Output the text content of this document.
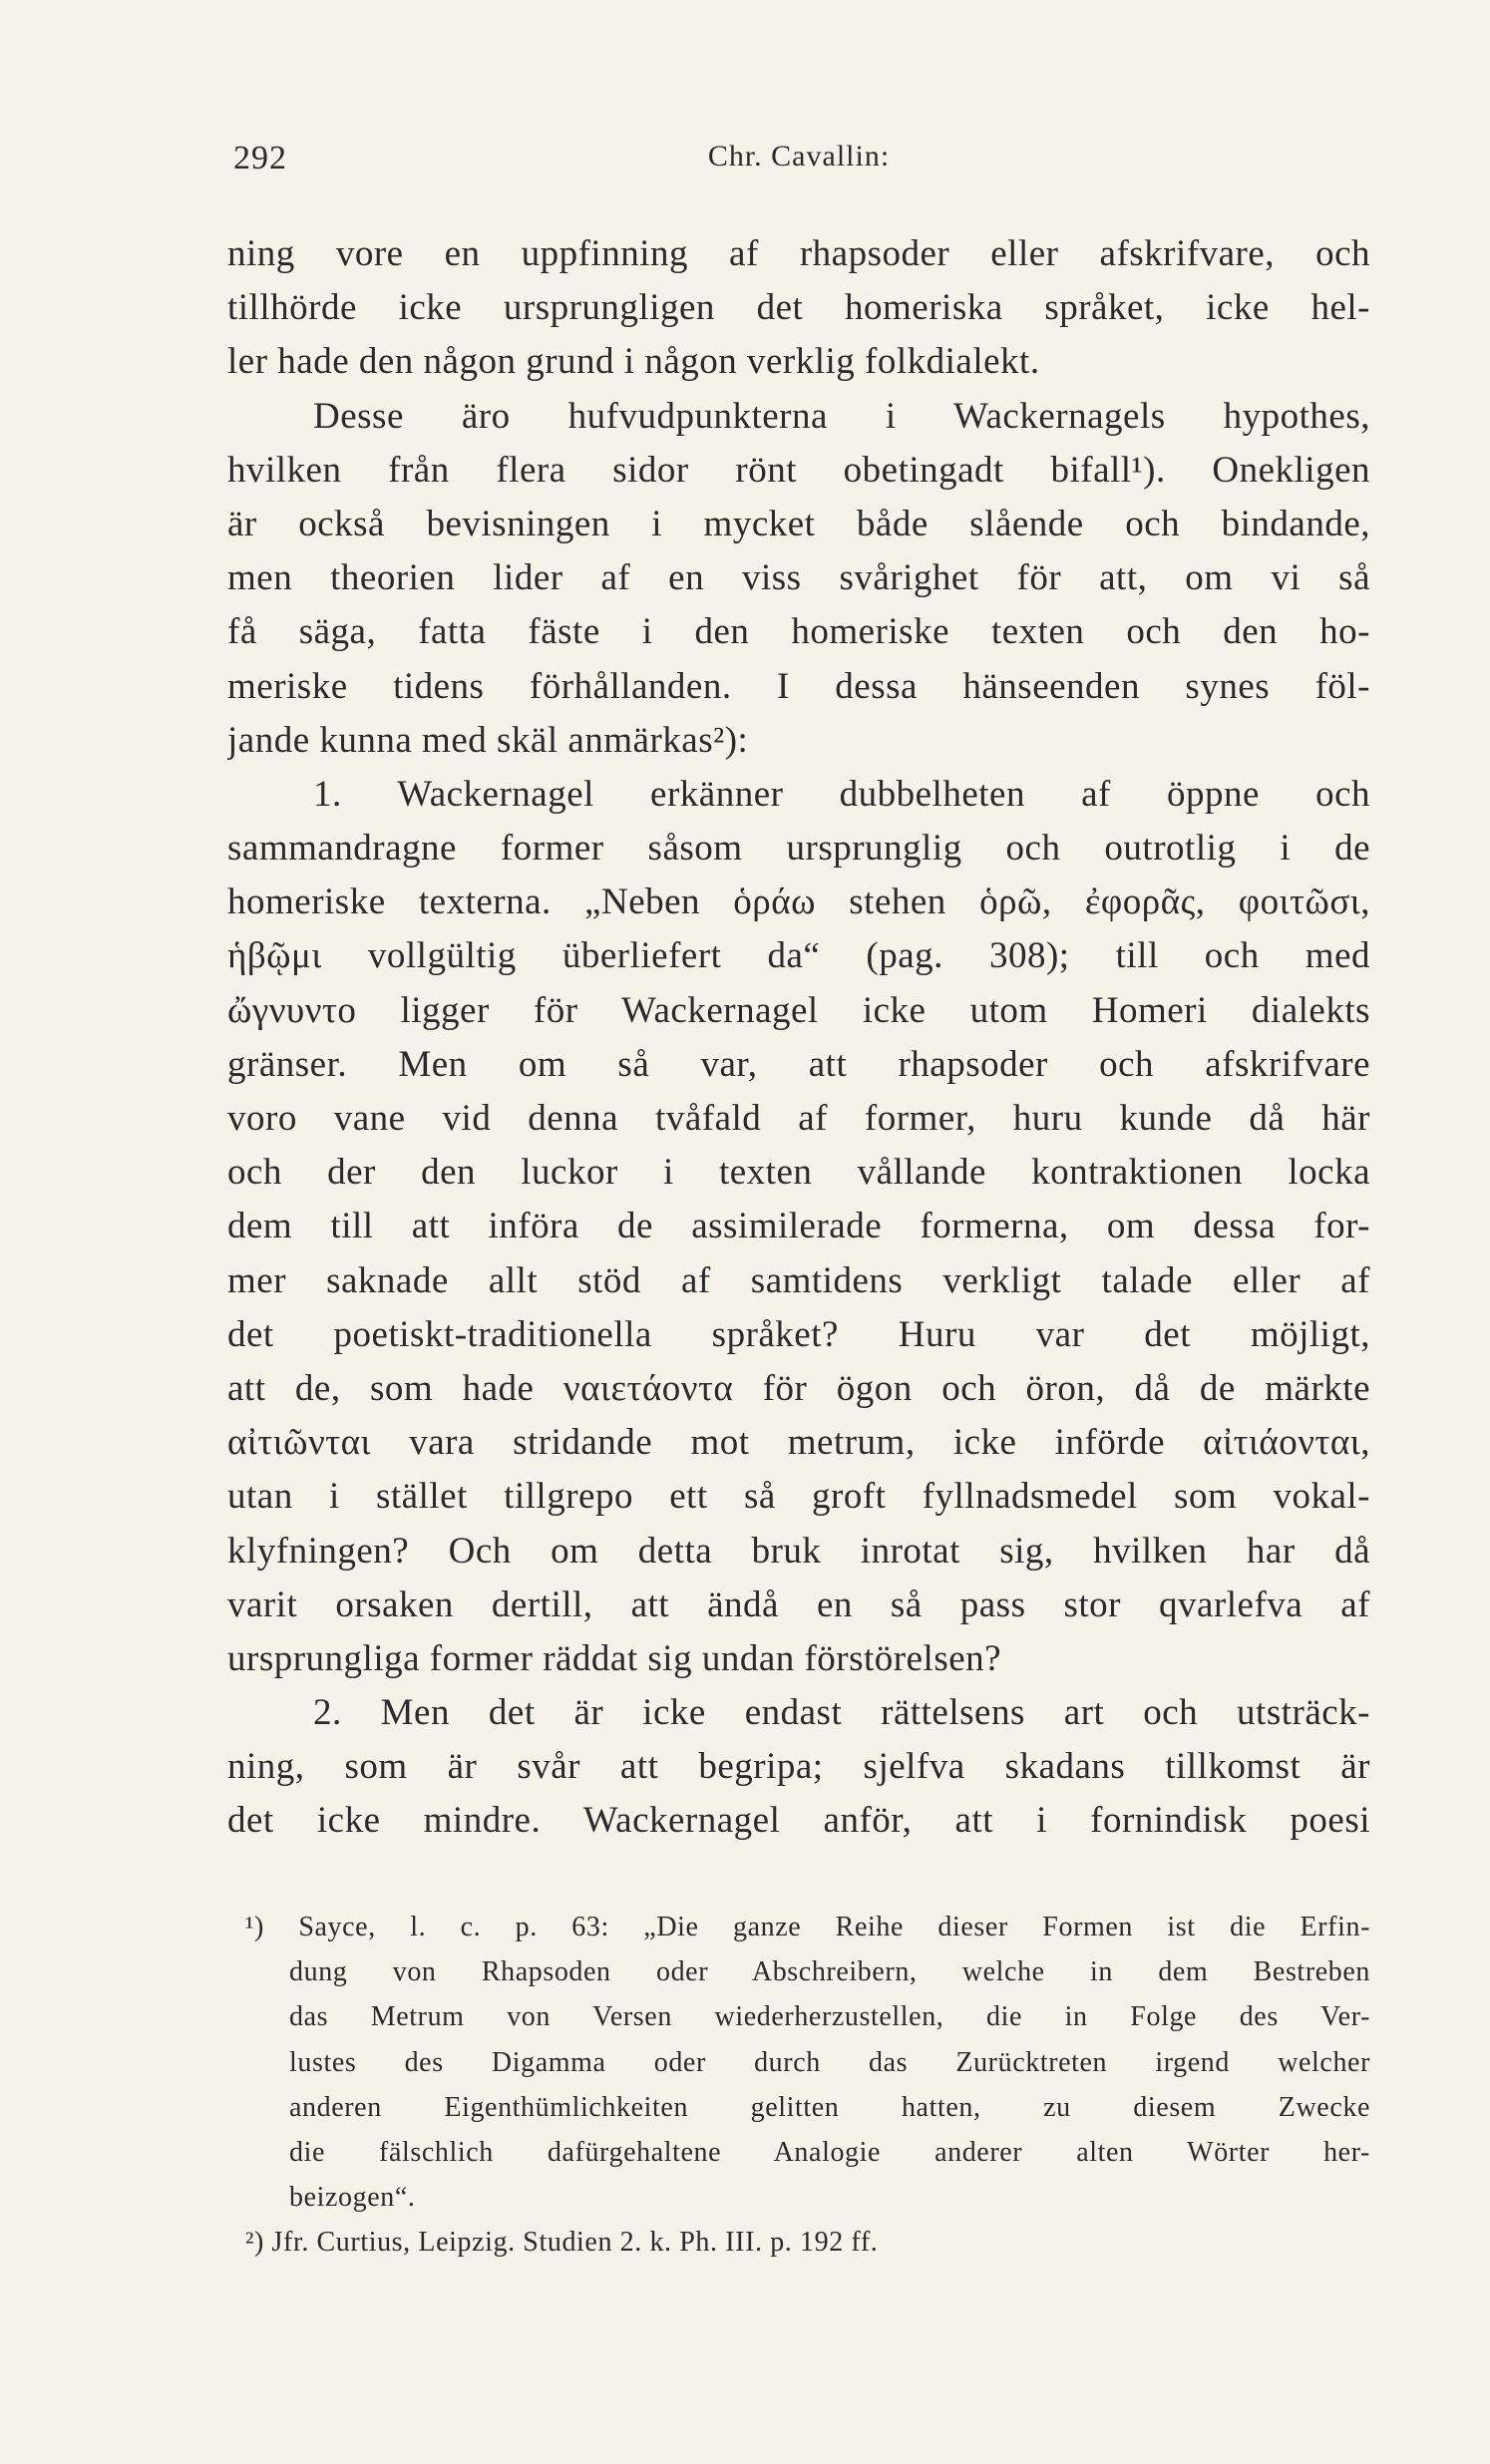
292	Chr. Cavallin:
ning vore en uppfinning af rhapsoder eller afskrifvare, och
tillhörde icke ursprungligen det homeriska språket, icke hel-
ler hade den någon grund i någon verklig folkdialekt.
Desse äro hufvudpunkterna i Wackernagels hypothes,
hvilken från flera sidor rönt obetingadt bifall¹). Onekligen
är också bevisningen i mycket både slående och bindande,
men theorien lider af en viss svårighet för att, om vi så
få säga, fatta fäste i den homeriske texten och den ho-
meriske tidens förhållanden. I dessa hänseenden synes föl-
jande kunna med skäl anmärkas²):
1. Wackernagel erkänner dubbelheten af öppne och
sammandragne former såsom ursprunglig och outrotlig i de
homeriske texterna. „Neben ὁράω stehen ὁρῶ, ἐφορᾶς, φοιτῶσι,
ἡβῷμι vollgültig überliefert da“ (pag. 308); till och med
ὤγνυντο ligger för Wackernagel icke utom Homeri dialekts
gränser. Men om så var, att rhapsoder och afskrifvare
voro vane vid denna tvåfald af former, huru kunde då här
och der den luckor i texten vållande kontraktionen locka
dem till att införa de assimilerade formerna, om dessa for-
mer saknade allt stöd af samtidens verkligt talade eller af
det poetiskt-traditionella språket? Huru var det möjligt,
att de, som hade ναιετάοντα för ögon och öron, då de märkte
αἰτιῶνται vara stridande mot metrum, icke införde αἰτιάονται,
utan i stället tillgrepo ett så groft fyllnadsmedel som vokal-
klyfningen? Och om detta bruk inrotat sig, hvilken har då
varit orsaken dertill, att ändå en så pass stor qvarlefva af
ursprungliga former räddat sig undan förstörelsen?
2. Men det är icke endast rättelsens art och utsträck-
ning, som är svår att begripa; sjelfva skadans tillkomst är
det icke mindre. Wackernagel anför, att i fornindisk poesi
¹) Sayce, l. c. p. 63: „Die ganze Reihe dieser Formen ist die Erfin-
dung von Rhapsoden oder Abschreibern, welche in dem Bestreben
das Metrum von Versen wiederherzustellen, die in Folge des Ver-
lustes des Digamma oder durch das Zurücktreten irgend welcher
anderen Eigenthümlichkeiten gelitten hatten, zu diesem Zwecke
die fälschlich dafürgehaltene Analogie anderer alten Wörter her-
beizogen“.
²) Jfr. Curtius, Leipzig. Studien 2. k. Ph. III. p. 192 ff.
